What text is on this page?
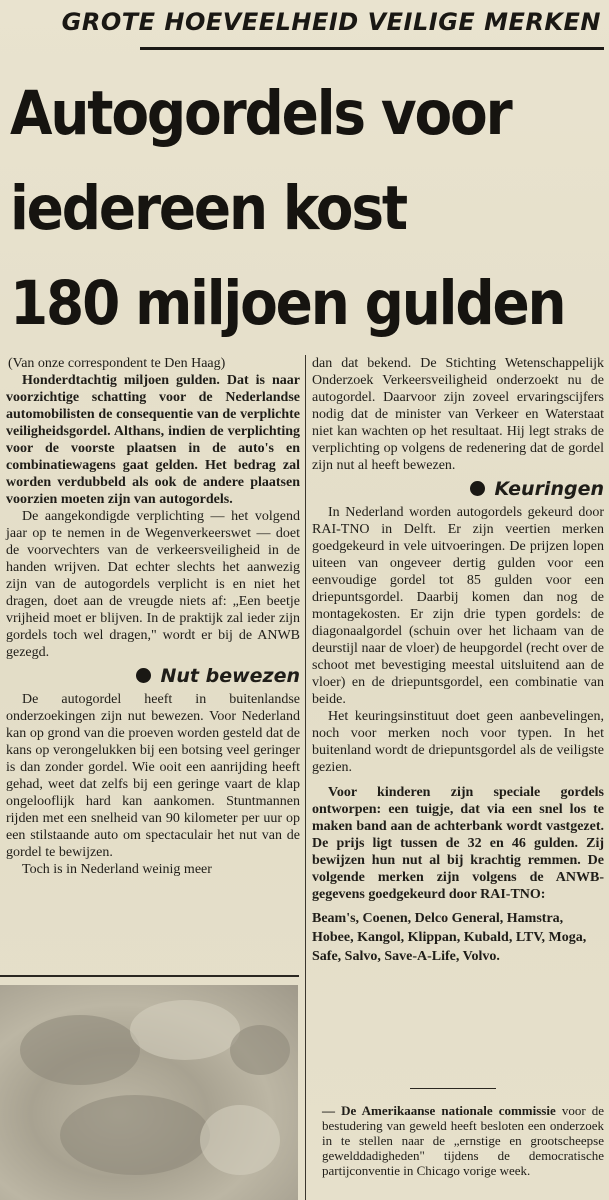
GROTE HOEVEELHEID VEILIGE MERKEN
Autogordels voor
iedereen kost
180 miljoen gulden

(Van onze correspondent te Den Haag)

Honderdtachtig miljoen gulden. Dat is naar voorzichtige schatting voor de Nederlandse automobilisten de consequentie van de verplichte veiligheidsgordel. Althans, indien de verplichting voor de voorste plaatsen in de auto's en combinatiewagens gaat gelden. Het bedrag zal worden verdubbeld als ook de andere plaatsen voorzien moeten zijn van autogordels.

De aangekondigde verplichting — het volgend jaar op te nemen in de Wegenverkeerswet — doet de voorvechters van de verkeersveiligheid in de handen wrijven. Dat echter slechts het aanwezig zijn van de autogordels verplicht is en niet het dragen, doet aan de vreugde niets af: „Een beetje vrijheid moet er blijven. In de praktijk zal ieder zijn gordels toch wel dragen," wordt er bij de ANWB gezegd.

Nut bewezen

De autogordel heeft in buitenlandse onderzoekingen zijn nut bewezen. Voor Nederland kan op grond van die proeven worden gesteld dat de kans op verongelukken bij een botsing veel geringer is dan zonder gordel. Wie ooit een aanrijding heeft gehad, weet dat zelfs bij een geringe vaart de klap ongelooflijk hard kan aankomen. Stuntmannen rijden met een snelheid van 90 kilometer per uur op een stilstaande auto om spectaculair het nut van de gordel te bewijzen.

Toch is in Nederland weinig meer

dan dat bekend. De Stichting Wetenschappelijk Onderzoek Verkeersveiligheid onderzoekt nu de autogordel. Daarvoor zijn zoveel ervaringscijfers nodig dat de minister van Verkeer en Waterstaat niet kan wachten op het resultaat. Hij legt straks de verplichting op volgens de redenering dat de gordel zijn nut al heeft bewezen.

Keuringen

In Nederland worden autogordels gekeurd door RAI-TNO in Delft. Er zijn veertien merken goedgekeurd in vele uitvoeringen. De prijzen lopen uiteen van ongeveer dertig gulden voor een eenvoudige gordel tot 85 gulden voor een driepuntsgordel. Daarbij komen dan nog de montagekosten. Er zijn drie typen gordels: de diagonaalgordel (schuin over het lichaam van de deurstijl naar de vloer) de heupgordel (recht over de schoot met bevestiging meestal uitsluitend aan de vloer) en de driepuntsgordel, een combinatie van beide.

Het keuringsinstituut doet geen aanbevelingen, noch voor merken noch voor typen. In het buitenland wordt de driepuntsgordel als de veiligste gezien.

Voor kinderen zijn speciale gordels ontworpen: een tuigje, dat via een snel los te maken band aan de achterbank wordt vastgezet. De prijs ligt tussen de 32 en 46 gulden. Zij bewijzen hun nut al bij krachtig remmen. De volgende merken zijn volgens de ANWB-gegevens goedgekeurd door RAI-TNO:

Beam's, Coenen, Delco General, Hamstra, Hobee, Kangol, Klippan, Kubald, LTV, Moga, Safe, Salvo, Save-A-Life, Volvo.

— De Amerikaanse nationale commissie voor de bestudering van geweld heeft besloten een onderzoek in te stellen naar de „ernstige en grootscheepse gewelddadigheden" tijdens de democratische partijconventie in Chicago vorige week.
